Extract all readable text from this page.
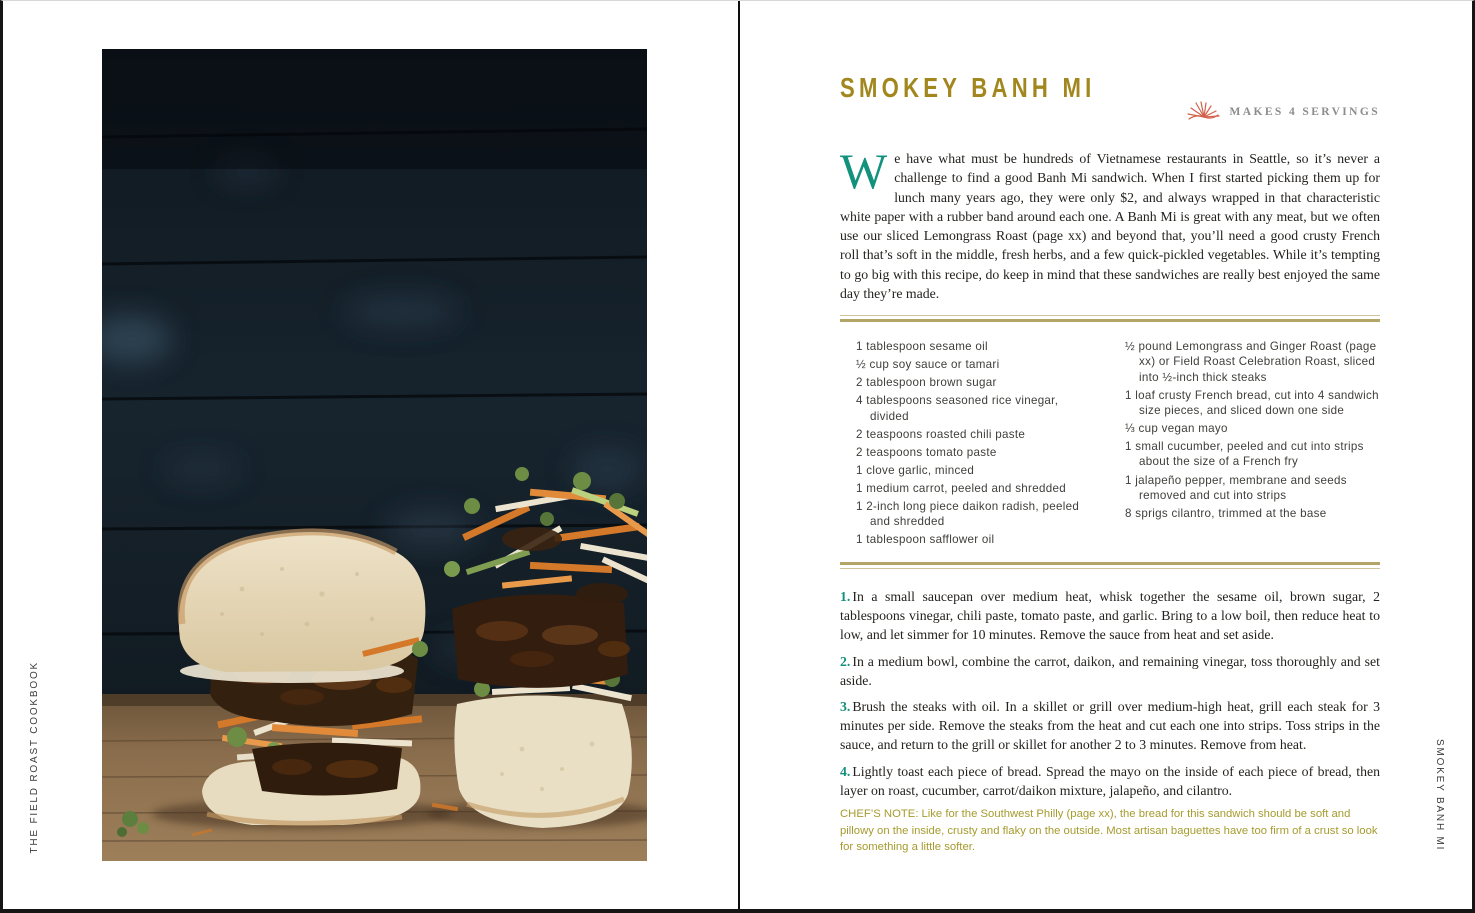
THE FIELD ROAST COOKBOOK
SMOKEY BANH MI
MAKES 4 SERVINGS

We have what must be hundreds of Vietnamese restaurants in Seattle, so it’s never a challenge to find a good Banh Mi sandwich. When I first started picking them up for lunch many years ago, they were only $2, and always wrapped in that characteristic white paper with a rubber band around each one. A Banh Mi is great with any meat, but we often use our sliced Lemongrass Roast (page xx) and beyond that, you’ll need a good crusty French roll that’s soft in the middle, fresh herbs, and a few quick-pickled vegetables. While it’s tempting to go big with this recipe, do keep in mind that these sandwiches are really best enjoyed the same day they’re made.

1 tablespoon sesame oil
½ cup soy sauce or tamari
2 tablespoon brown sugar
4 tablespoons seasoned rice vinegar, divided
2 teaspoons roasted chili paste
2 teaspoons tomato paste
1 clove garlic, minced
1 medium carrot, peeled and shredded
1 2-inch long piece daikon radish, peeled and shredded
1 tablespoon safflower oil
½ pound Lemongrass and Ginger Roast (page xx) or Field Roast Celebration Roast, sliced into ½-inch thick steaks
1 loaf crusty French bread, cut into 4 sandwich size pieces, and sliced down one side
⅓ cup vegan mayo
1 small cucumber, peeled and cut into strips about the size of a French fry
1 jalapeño pepper, membrane and seeds removed and cut into strips
8 sprigs cilantro, trimmed at the base

1. In a small saucepan over medium heat, whisk together the sesame oil, brown sugar, 2 tablespoons vinegar, chili paste, tomato paste, and garlic. Bring to a low boil, then reduce heat to low, and let simmer for 10 minutes. Remove the sauce from heat and set aside.

2. In a medium bowl, combine the carrot, daikon, and remaining vinegar, toss thoroughly and set aside.

3. Brush the steaks with oil. In a skillet or grill over medium-high heat, grill each steak for 3 minutes per side. Remove the steaks from the heat and cut each one into strips. Toss strips in the sauce, and return to the grill or skillet for another 2 to 3 minutes. Remove from heat.

4. Lightly toast each piece of bread. Spread the mayo on the inside of each piece of bread, then layer on roast, cucumber, carrot/daikon mixture, jalapeño, and cilantro.

CHEF’S NOTE: Like for the Southwest Philly (page xx), the bread for this sandwich should be soft and pillowy on the inside, crusty and flaky on the outside. Most artisan baguettes have too firm of a crust so look for something a little softer.	SMOKEY BANH MI
